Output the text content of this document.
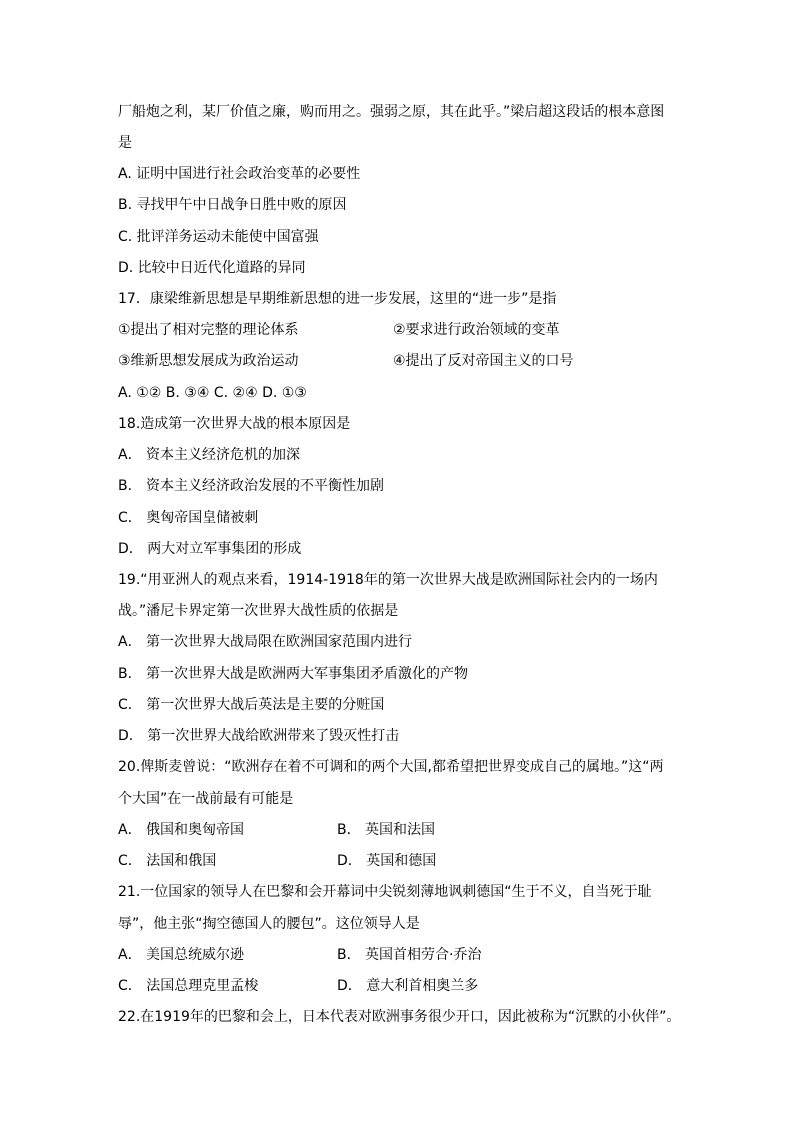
厂船炮之利，某厂价值之廉，购而用之。强弱之原，其在此乎。”梁启超这段话的根本意图
是
A. 证明中国进行社会政治变革的必要性
B. 寻找甲午中日战争日胜中败的原因
C. 批评洋务运动未能使中国富强
D. 比较中日近代化道路的异同
17．康梁维新思想是早期维新思想的进一步发展，这里的“进一步”是指
①提出了相对完整的理论体系	②要求进行政治领域的变革
③维新思想发展成为政治运动	④提出了反对帝国主义的口号
A. ①② B. ③④ C. ②④ D. ①③
18.造成第一次世界大战的根本原因是
A． 资本主义经济危机的加深
B． 资本主义经济政治发展的不平衡性加剧
C． 奥匈帝国皇储被刺
D． 两大对立军事集团的形成
19.“用亚洲人的观点来看，1914-1918年的第一次世界大战是欧洲国际社会内的一场内
战。”潘尼卡界定第一次世界大战性质的依据是
A． 第一次世界大战局限在欧洲国家范围内进行
B． 第一次世界大战是欧洲两大军事集团矛盾激化的产物
C． 第一次世界大战后英法是主要的分赃国
D． 第一次世界大战给欧洲带来了毁灭性打击
20.俾斯麦曾说：“欧洲存在着不可调和的两个大国,都希望把世界变成自己的属地。”这“两
个大国”在一战前最有可能是
A． 俄国和奥匈帝国	B． 英国和法国
C． 法国和俄国	D． 英国和德国
21.一位国家的领导人在巴黎和会开幕词中尖锐刻薄地讽刺德国“生于不义，自当死于耻
辱”，他主张“掏空德国人的腰包”。这位领导人是
A． 美国总统威尔逊	B． 英国首相劳合·乔治
C． 法国总理克里孟梭	D． 意大利首相奥兰多
22.在1919年的巴黎和会上，日本代表对欧洲事务很少开口，因此被称为“沉默的小伙伴”。
